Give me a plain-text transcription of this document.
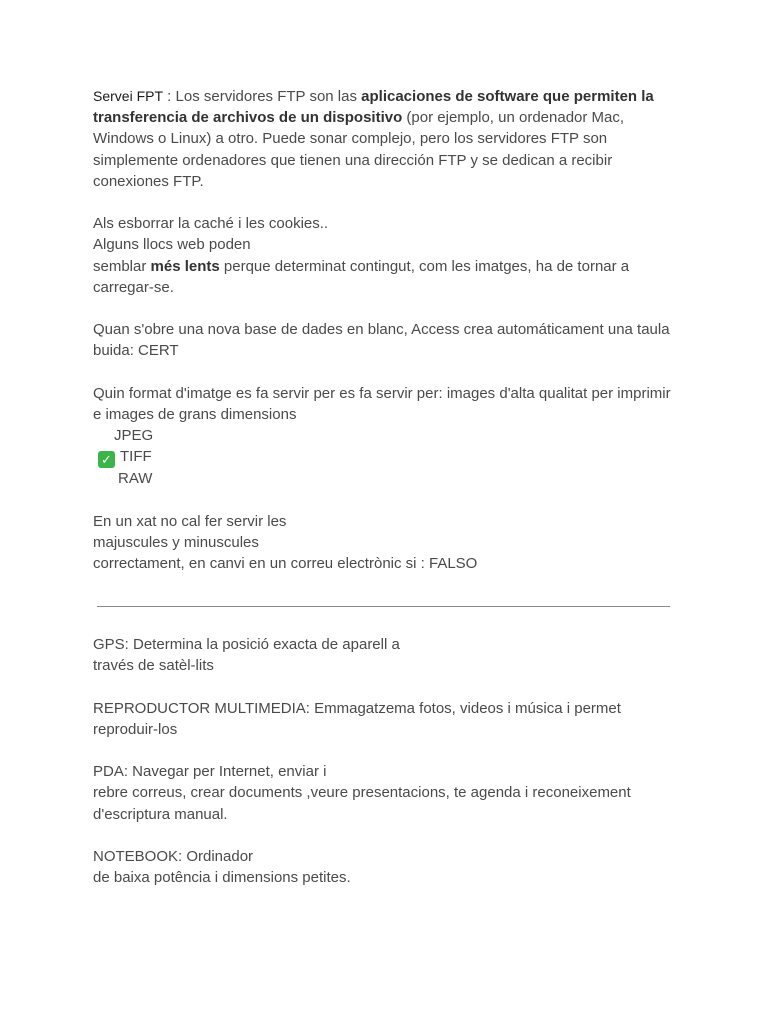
Servei FPT : Los servidores FTP son las aplicaciones de software que permiten la transferencia de archivos de un dispositivo (por ejemplo, un ordenador Mac, Windows o Linux) a otro. Puede sonar complejo, pero los servidores FTP son simplemente ordenadores que tienen una dirección FTP y se dedican a recibir conexiones FTP.

Als esborrar la caché i les cookies..
Alguns llocs web poden
semblar més lents perque determinat contingut, com les imatges, ha de tornar a carregar-se.

Quan s'obre una nova base de dades en blanc, Access crea automáticament una taula buida: CERT

Quin format d'imatge es fa servir per es fa servir per: images d'alta qualitat per imprimir e images de grans dimensions

JPEG
✓ TIFF
RAW

En un xat no cal fer servir les
majuscules y minuscules
correctament, en canvi en un correu electrònic si : FALSO

GPS: Determina la posició exacta de aparell a
través de satèl-lits

REPRODUCTOR MULTIMEDIA: Emmagatzema fotos, videos i música i permet reproduir-los

PDA: Navegar per Internet, enviar i
rebre correus, crear documents ,veure presentacions, te agenda i reconeixement d'escriptura manual.

NOTEBOOK: Ordinador
de baixa potência i dimensions petites.
